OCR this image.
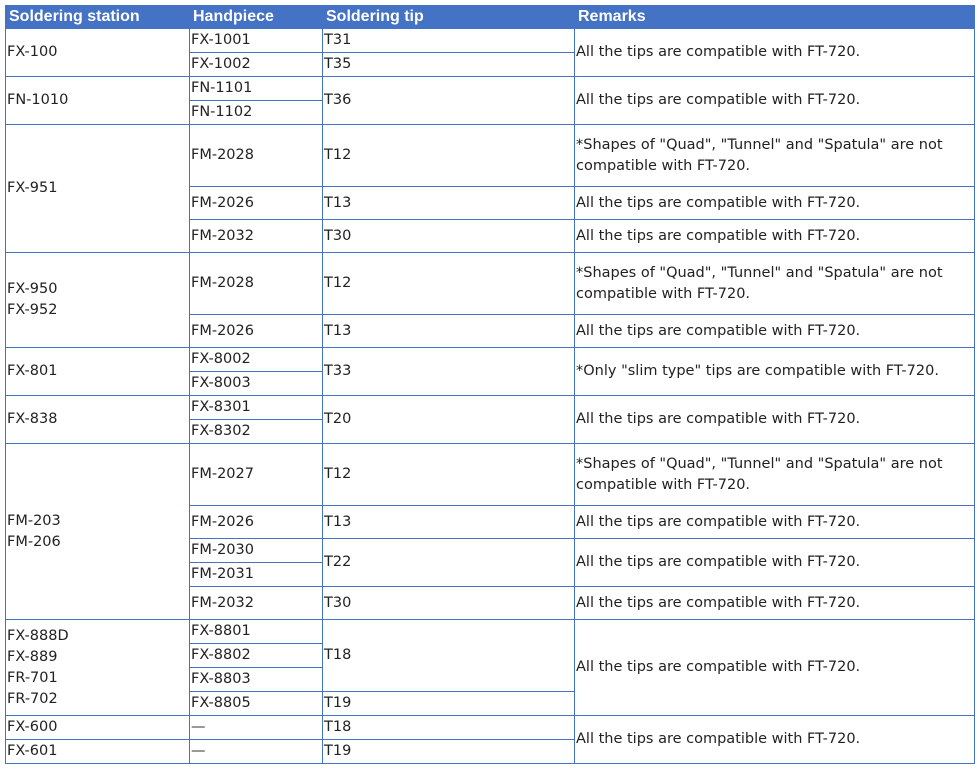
Soldering station	Handpiece	Soldering tip	Remarks
FX-100	FX-1001	T31	All the tips are compatible with FT-720.
	FX-1002	T35	
FN-1010	FN-1101	T36	All the tips are compatible with FT-720.
	FN-1102		
FX-951	FM-2028	T12	*Shapes of "Quad", "Tunnel" and "Spatula" are not compatible with FT-720.
	FM-2026	T13	All the tips are compatible with FT-720.
	FM-2032	T30	All the tips are compatible with FT-720.
FX-950
FX-952	FM-2028	T12	*Shapes of "Quad", "Tunnel" and "Spatula" are not compatible with FT-720.
	FM-2026	T13	All the tips are compatible with FT-720.
FX-801	FX-8002	T33	*Only "slim type" tips are compatible with FT-720.
	FX-8003		
FX-838	FX-8301	T20	All the tips are compatible with FT-720.
	FX-8302		
FM-203
FM-206	FM-2027	T12	*Shapes of "Quad", "Tunnel" and "Spatula" are not compatible with FT-720.
	FM-2026	T13	All the tips are compatible with FT-720.
	FM-2030	T22	All the tips are compatible with FT-720.
	FM-2031		
	FM-2032	T30	All the tips are compatible with FT-720.
FX-888D
FX-889
FR-701
FR-702	FX-8801	T18	All the tips are compatible with FT-720.
	FX-8802		
	FX-8803		
	FX-8805	T19	
FX-600	—	T18	All the tips are compatible with FT-720.
FX-601	—	T19	
